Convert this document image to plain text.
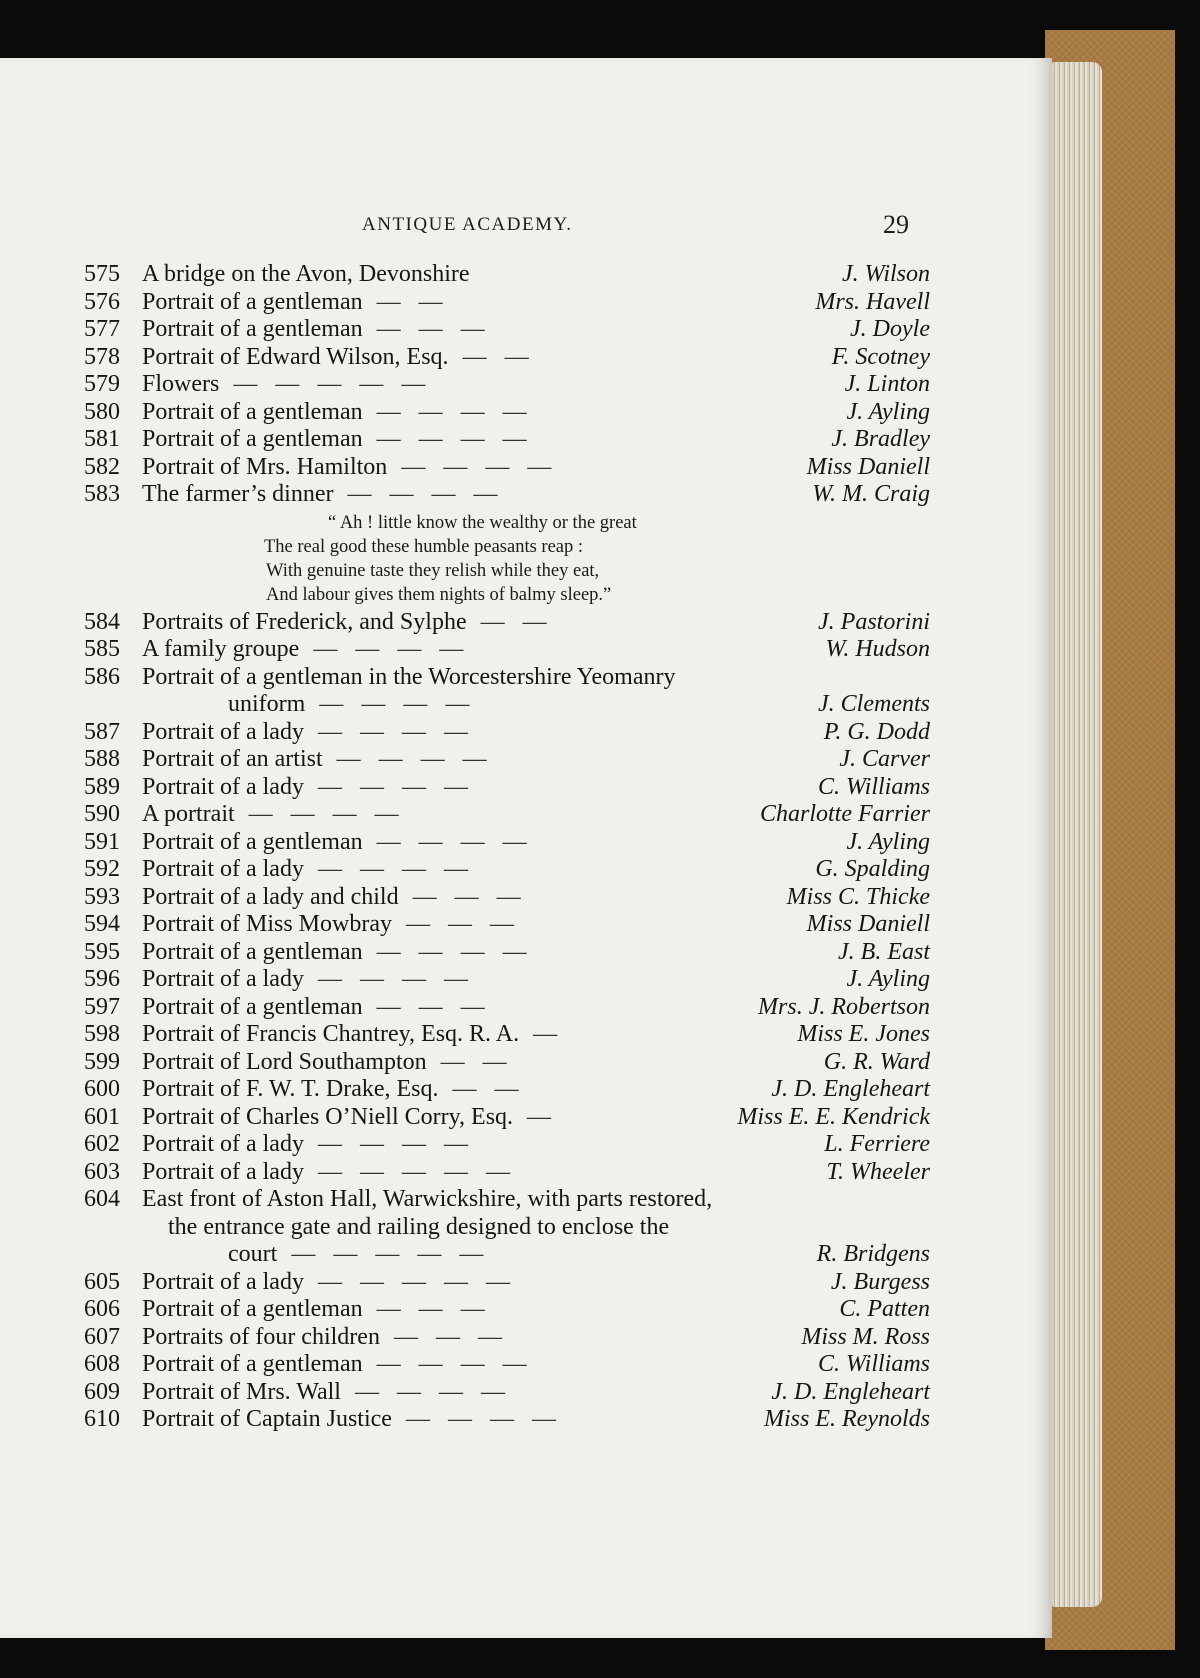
ANTIQUE ACADEMY.	29
575 A bridge on the Avon, Devonshire	J. Wilson
576 Portrait of a gentleman — —	Mrs. Havell
577 Portrait of a gentleman — — —	J. Doyle
578 Portrait of Edward Wilson, Esq. — —	F. Scotney
579 Flowers — — — — —	J. Linton
580 Portrait of a gentleman — — — —	J. Ayling
581 Portrait of a gentleman — — — —	J. Bradley
582 Portrait of Mrs. Hamilton — — — —	Miss Daniell
583 The farmer’s dinner — — — —	W. M. Craig
“ Ah ! little know the wealthy or the great
The real good these humble peasants reap :
With genuine taste they relish while they eat,
And labour gives them nights of balmy sleep.”
584 Portraits of Frederick, and Sylphe — —	J. Pastorini
585 A family groupe — — — —	W. Hudson
586 Portrait of a gentleman in the Worcestershire Yeomanry
uniform — — — —	J. Clements
587 Portrait of a lady — — — —	P. G. Dodd
588 Portrait of an artist — — — —	J. Carver
589 Portrait of a lady — — — —	C. Williams
590 A portrait — — — —	Charlotte Farrier
591 Portrait of a gentleman — — — —	J. Ayling
592 Portrait of a lady — — — —	G. Spalding
593 Portrait of a lady and child — — —	Miss C. Thicke
594 Portrait of Miss Mowbray — — —	Miss Daniell
595 Portrait of a gentleman — — — —	J. B. East
596 Portrait of a lady — — — —	J. Ayling
597 Portrait of a gentleman — — —	Mrs. J. Robertson
598 Portrait of Francis Chantrey, Esq. R. A. —	Miss E. Jones
599 Portrait of Lord Southampton — —	G. R. Ward
600 Portrait of F. W. T. Drake, Esq. — —	J. D. Engleheart
601 Portrait of Charles O’Niell Corry, Esq. —	Miss E. E. Kendrick
602 Portrait of a lady — — — —	L. Ferriere
603 Portrait of a lady — — — — —	T. Wheeler
604 East front of Aston Hall, Warwickshire, with parts restored,
the entrance gate and railing designed to enclose the
court — — — — —	R. Bridgens
605 Portrait of a lady — — — — —	J. Burgess
606 Portrait of a gentleman — — —	C. Patten
607 Portraits of four children — — —	Miss M. Ross
608 Portrait of a gentleman — — — —	C. Williams
609 Portrait of Mrs. Wall — — — —	J. D. Engleheart
610 Portrait of Captain Justice — — — —	Miss E. Reynolds
